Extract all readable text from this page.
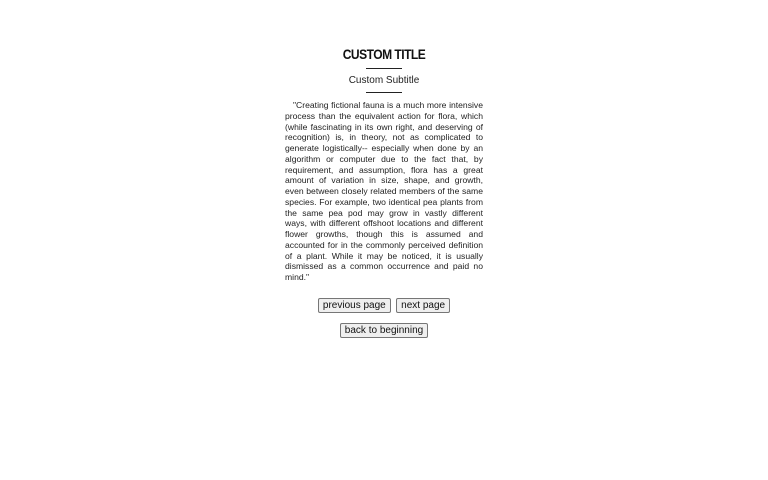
CUSTOM TITLE
Custom Subtitle

"Creating fictional fauna is a much more intensive process than the equivalent action for flora, which (while fascinating in its own right, and deserving of recognition) is, in theory, not as complicated to generate logistically-- especially when done by an algorithm or computer due to the fact that, by requirement, and assumption, flora has a great amount of variation in size, shape, and growth, even between closely related members of the same species. For example, two identical pea plants from the same pea pod may grow in vastly different ways, with different offshoot locations and different flower growths, though this is assumed and accounted for in the commonly perceived definition of a plant. While it may be noticed, it is usually dismissed as a common occurrence and paid no mind."

previous page next page
back to beginning
